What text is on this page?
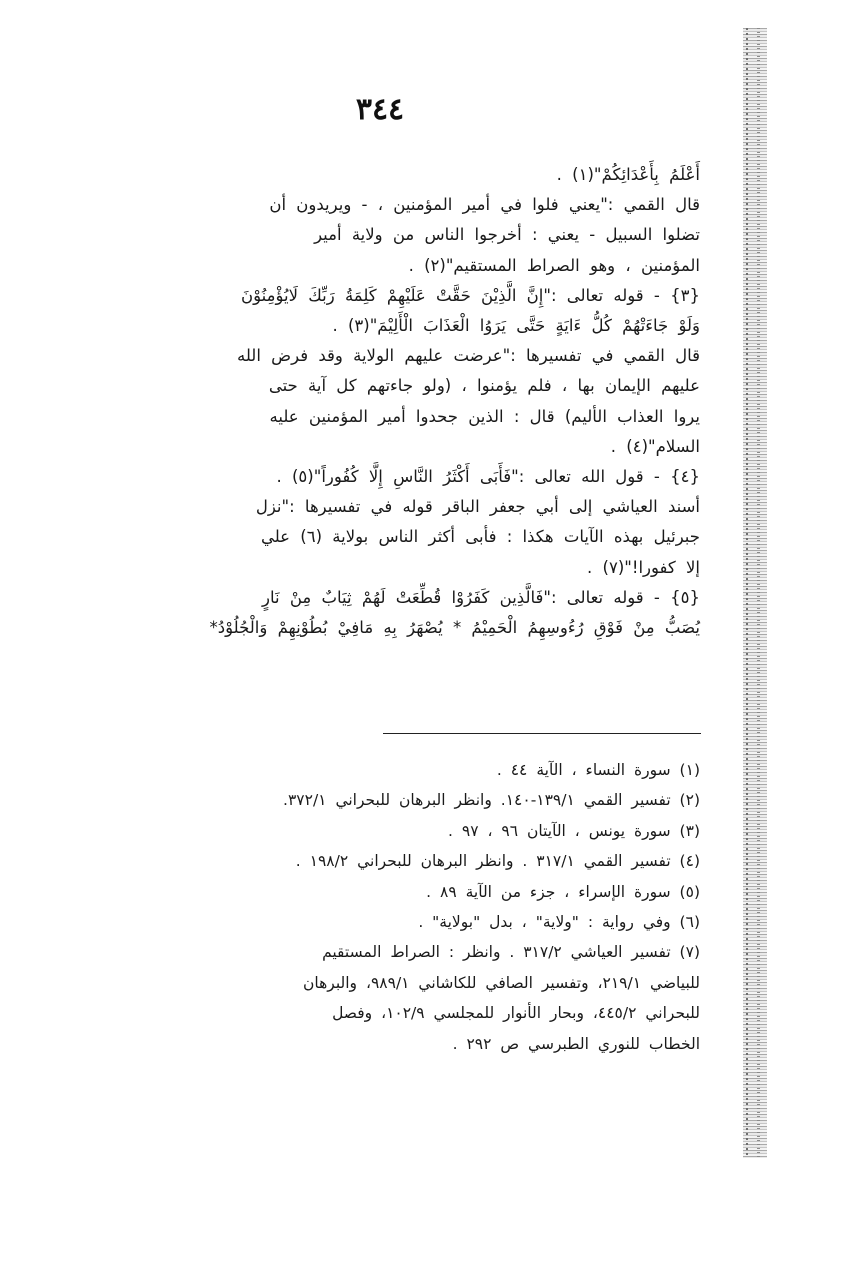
٣٤٤

أَعْلَمُ بِأَعْدَائِكُمْ"(١) .

قال القمي :"يعني فلوا في أمير المؤمنين ، - ويريدون أن

تضلوا السبيل - يعني : أخرجوا الناس من ولاية أمير

المؤمنين ، وهو الصراط المستقيم"(٢) .

{٣} - قوله تعالى :"إِنَّ الَّذِيْنَ حَقَّتْ عَلَيْهِمْ كَلِمَةُ رَبِّكَ لَايُؤْمِنُوْنَ

وَلَوْ جَاءَتْهُمْ كُلُّ ءَايَةٍ حَتَّى يَرَوُا الْعَذَابَ الْأَلِيْمَ"(٣) .

قال القمي في تفسيرها :"عرضت عليهم الولاية وقد فرض الله

عليهم الإيمان بها ، فلم يؤمنوا ، (ولو جاءتهم كل آية حتى

يروا العذاب الأليم) قال : الذين جحدوا أمير المؤمنين عليه

السلام"(٤) .

{٤} - قول الله تعالى :"فَأَبَى أَكْثَرُ النَّاسِ إِلَّا كُفُوراً"(٥) .

أسند العياشي إلى أبي جعفر الباقر قوله في تفسيرها :"نزل

جبرئيل بهذه الآيات هكذا : فأبى أكثر الناس بولاية (٦) علي

إلا كفورا!"(٧) .

{٥} - قوله تعالى :"فَالَّذِين كَفَرُوْا قُطِّعَتْ لَهُمْ ثِيَابٌ مِنْ نَارٍ

يُصَبُّ مِنْ فَوْقِ رُءُوسِهِمُ الْحَمِيْمُ * يُصْهَرُ بِهِ مَافِيْ بُطُوْنِهِمْ وَالْجُلُوْدُ*

(١) سورة النساء ، الآية ٤٤ .

(٢) تفسير القمي ١٣٩/١-١٤٠. وانظر البرهان للبحراني ٣٧٢/١.

(٣) سورة يونس ، الآيتان ٩٦ ، ٩٧ .

(٤) تفسير القمي ٣١٧/١ . وانظر البرهان للبحراني ١٩٨/٢ .

(٥) سورة الإسراء ، جزء من الآية ٨٩ .

(٦) وفي رواية : "ولاية" ، بدل "بولاية" .

(٧) تفسير العياشي ٣١٧/٢ . وانظر : الصراط المستقيم

للبياضي ٢١٩/١، وتفسير الصافي للكاشاني ٩٨٩/١، والبرهان

للبحراني ٤٤٥/٢، وبحار الأنوار للمجلسي ١٠٢/٩، وفصل

الخطاب للنوري الطبرسي ص ٢٩٢ .
